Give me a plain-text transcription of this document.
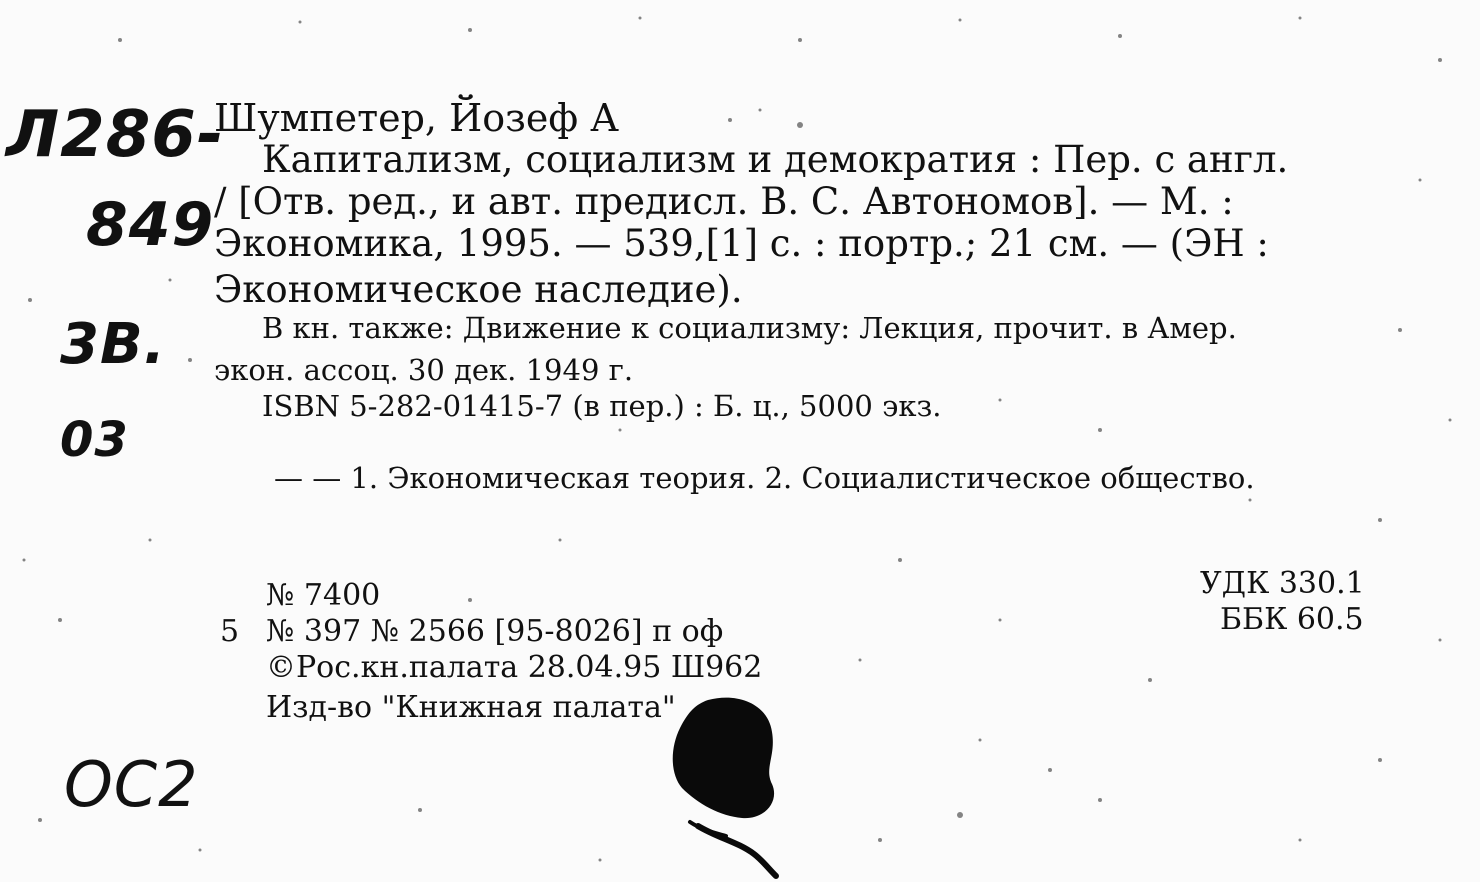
Л286-
849
3В.
03
ОС2
Шумпетер, Йозеф А
Капитализм, социализм и демократия : Пер. с англ.
/ [Отв. ред., и авт. предисл. В. С. Автономов]. — М. :
Экономика, 1995. — 539,[1] с. : портр.; 21 см. — (ЭН :
Экономическое наследие).
В кн. также: Движение к социализму: Лекция, прочит. в Амер.
экон. ассоц. 30 дек. 1949 г.
ISBN 5-282-01415-7 (в пер.) : Б. ц., 5000 экз.
— — 1. Экономическая теория. 2. Социалистическое общество.
№ 7400
5 № 397 № 2566 [95-8026] п оф
©Рос.кн.палата 28.04.95 Ш962
Изд-во "Книжная палата"
УДК 330.1
ББК 60.5
